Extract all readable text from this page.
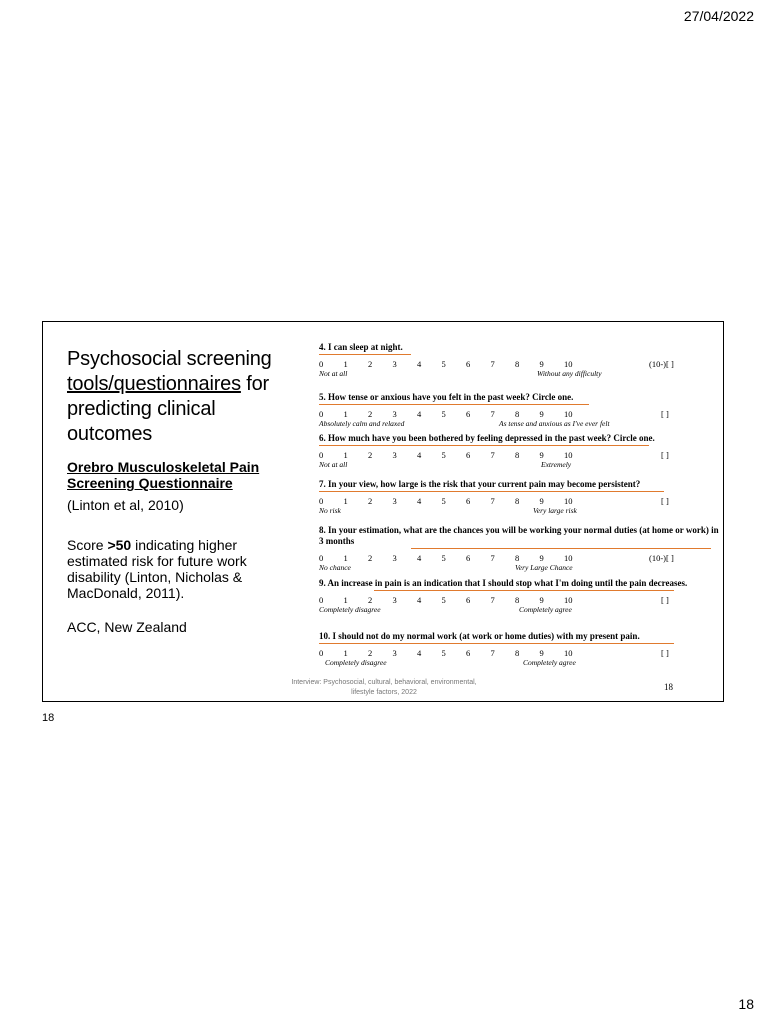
27/04/2022
Psychosocial screening
tools/questionnaires for
predicting clinical
outcomes
Orebro Musculoskeletal Pain Screening Questionnaire
(Linton et al, 2010)
Score >50 indicating higher estimated risk for future work disability (Linton, Nicholas & MacDonald, 2011).
ACC, New Zealand
4. I can sleep at night.
0 1 2 3 4 5 6 7 8 9 10	(10-)[ ]
Not at all	Without any difficulty
5. How tense or anxious have you felt in the past week? Circle one.
0 1 2 3 4 5 6 7 8 9 10	[ ]
Absolutely calm and relaxed	As tense and anxious as I've ever felt
6. How much have you been bothered by feeling depressed in the past week? Circle one.
0 1 2 3 4 5 6 7 8 9 10	[ ]
Not at all	Extremely
7. In your view, how large is the risk that your current pain may become persistent?
0 1 2 3 4 5 6 7 8 9 10	[ ]
No risk	Very large risk
8. In your estimation, what are the chances you will be working your normal duties (at home or work) in 3 months
0 1 2 3 4 5 6 7 8 9 10	(10-)[ ]
No chance	Very Large Chance
9. An increase in pain is an indication that I should stop what I'm doing until the pain decreases.
0 1 2 3 4 5 6 7 8 9 10	[ ]
Completely disagree	Completely agree
10. I should not do my normal work (at work or home duties) with my present pain.
0 1 2 3 4 5 6 7 8 9 10	[ ]
Completely disagree	Completely agree
Interview: Psychosocial, cultural, behavioral, environmental, lifestyle factors, 2022
18
18
18
